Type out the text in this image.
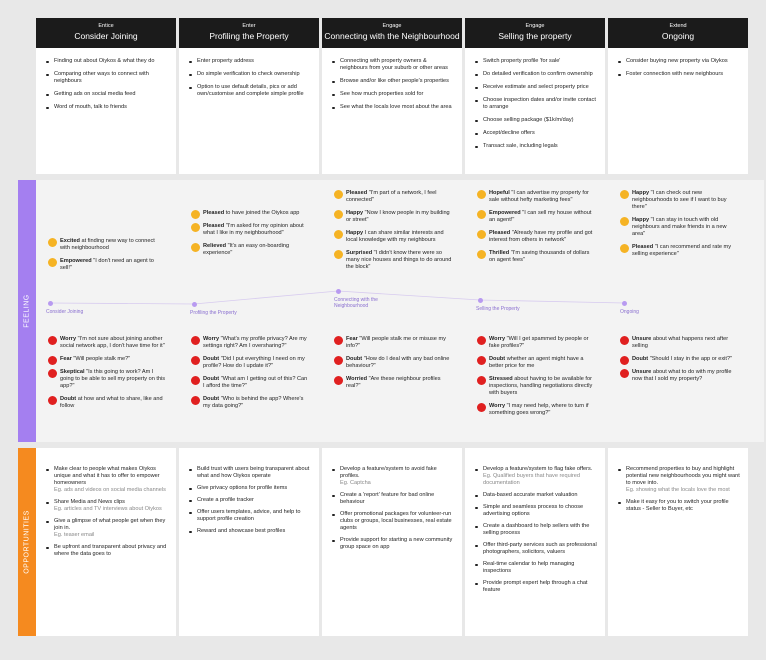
FEELING
OPPORTUNITIES
Consider Joining	Profiling the Property
Connecting with the Neighbourhood	Selling the Property	Ongoing
Entice
Consider Joining
Finding out about Oiykos & what they do
Comparing other ways to connect with neighbours
Getting ads on social media feed
Word of mouth, talk to friends
Enter
Profiling the Property
Enter property address
Do simple verification to check ownership
Option to use default details, pics or add own/customise and complete simple profile
Engage
Connecting with the Neighbourhood
Connecting with property owners & neighbours from your suburb or other areas
Browse and/or like other people's properties
See how much properties sold for
See what the locals love most about the area
Engage
Selling the property
Switch property profile 'for sale'
Do detailed verification to confirm ownership
Receive estimate and select property price
Choose inspection dates and/or invite contact to arrange
Choose selling package ($1k/m/day)
Accept/decline offers
Transact sale, including legals
Extend
Ongoing
Consider buying new property via Oiykos
Foster connection with new neighbours
Excited at finding new way to connect with neighbourhood
Empowered "I don't need an agent to sell!"
Pleased to have joined the Oiykos app
Pleased "I'm asked for my opinion about what I like in my neighbourhood"
Relieved "It's an easy on-boarding experience"
Pleased "I'm part of a network, I feel connected"
Happy "Now I know people in my building or street"
Happy I can share similar interests and local knowledge with my neighbours
Surprised "I didn't know there were so many nice houses and things to do around the block"
Hopeful "I can advertise my property for sale without hefty marketing fees"
Empowered "I can sell my house without an agent!"
Pleased "Already have my profile and got interest from others in network"
Thrilled "I'm saving thousands of dollars on agent fees"
Happy "I can check out new neighbourhoods to see if I want to buy there"
Happy "I can stay in touch with old neighbours and make friends in a new area"
Pleased "I can recommend and rate my selling experience"
Worry "I'm not sure about joining another social network app, I don't have time for it"
Fear "Will people stalk me?"
Skeptical "Is this going to work? Am I going to be able to sell my property on this app?"
Doubt at how and what to share, like and follow
Worry "What's my profile privacy? Are my settings right? Am I oversharing?"
Doubt "Did I put everything I need on my profile? How do I update it?"
Doubt "What am I getting out of this? Can I afford the time?"
Doubt "Who is behind the app? Where's my data going?"
Fear "Will people stalk me or misuse my info?"
Doubt "How do I deal with any bad online behaviour?"
Worried "Are these neighbour profiles real?"
Worry "Will I get spammed by people or fake profiles?"
Doubt whether an agent might have a better price for me
Stressed about having to be available for inspections, handling negotiations directly with buyers
Worry "I may need help, where to turn if something goes wrong?"
Unsure about what happens next after selling
Doubt "Should I stay in the app or exit?"
Unsure about what to do with my profile now that I sold my property?
Make clear to people what makes Oiykos unique and what it has to offer to empower homeowners
Eg. ads and videos on social media channels
Share Media and News clips
Eg. articles and TV interviews about Oiykos
Give a glimpse of what people get when they join in.
Eg. teaser email
Be upfront and transparent about privacy and where the data goes to
Build trust with users being transparent about what and how Oiykos operate
Give privacy options for profile items
Create a profile tracker
Offer users templates, advice, and help to support profile creation
Reward and showcase best profiles
Develop a feature/system to avoid fake profiles.
Eg. Captcha
Create a 'report' feature for bad online behaviour
Offer promotional packages for volunteer-run clubs or groups, local businesses, real estate agents
Provide support for starting a new community group space on app
Develop a feature/system to flag fake offers.
Eg. Qualified buyers that have required documentation
Data-based accurate market valuation
Simple and seamless process to choose advertising options
Create a dashboard to help sellers with the selling process
Offer third-party services such as professional photographers, solicitors, valuers
Real-time calendar to help managing inspections
Provide prompt expert help through a chat feature
Recommend properties to buy and highlight potential new neighbourhoods you might want to move into.
Eg. showing what the locals love the most
Make it easy for you to switch your profile status - Seller to Buyer, etc
